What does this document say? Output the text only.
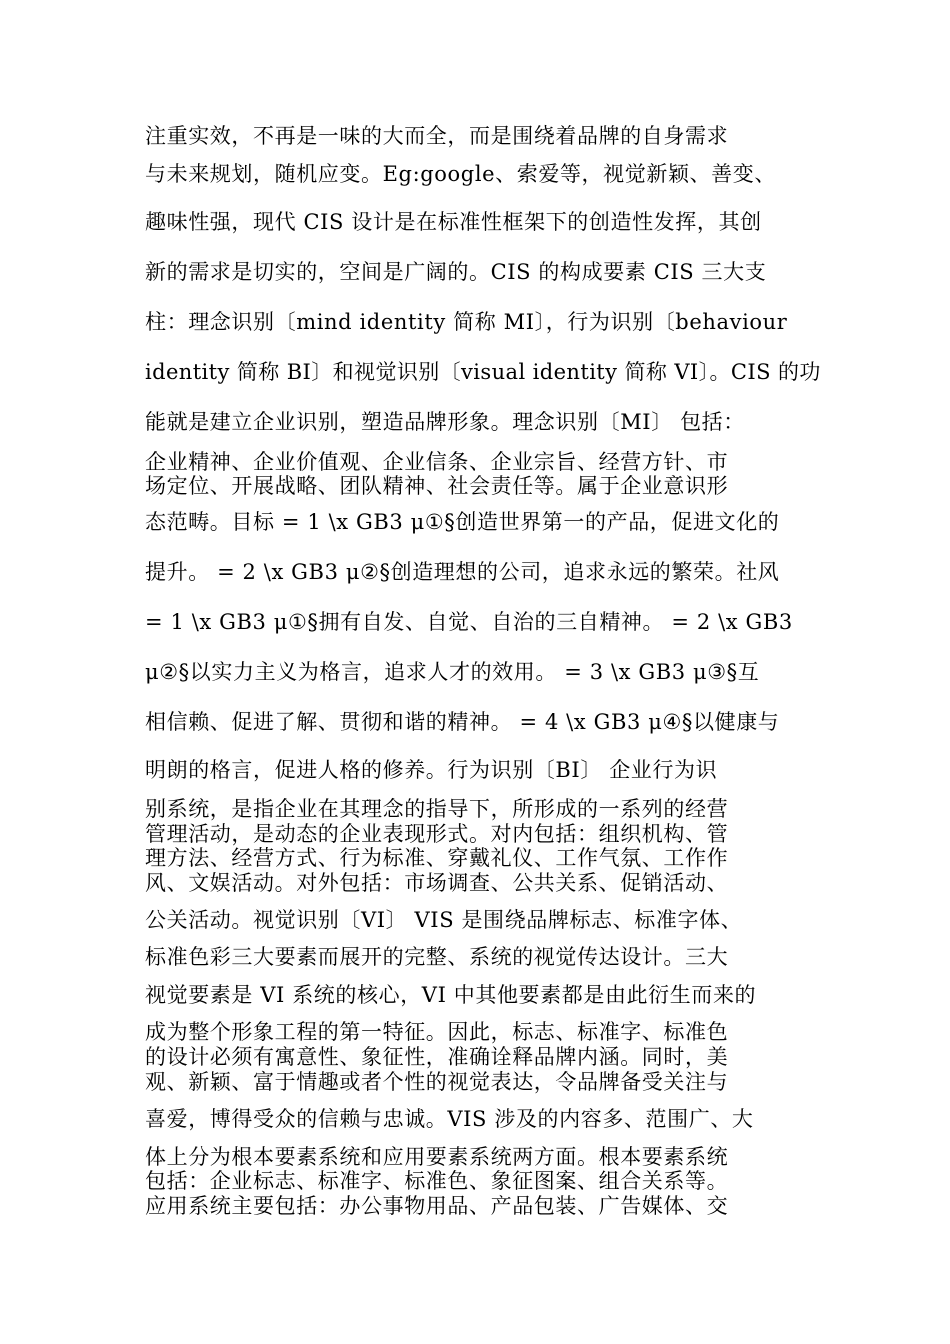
注重实效，不再是一味的大而全，而是围绕着品牌的自身需求
与未来规划，随机应变。Eg:google、索爱等，视觉新颖、善变、
趣味性强，现代 CIS 设计是在标准性框架下的创造性发挥，其创
新的需求是切实的，空间是广阔的。CIS 的构成要素 CIS 三大支
柱：理念识别〔mind identity 简称 MI〕，行为识别〔behaviour
identity 简称 BI〕和视觉识别〔visual identity 简称 VI〕。CIS 的功
能就是建立企业识别，塑造品牌形象。理念识别〔MI〕 包括：
企业精神、企业价值观、企业信条、企业宗旨、经营方针、市
场定位、开展战略、团队精神、社会责任等。属于企业意识形
态范畴。目标 = 1 \x GB3 μ①§创造世界第一的产品，促进文化的
提升。 = 2 \x GB3 μ②§创造理想的公司，追求永远的繁荣。社风
= 1 \x GB3 μ①§拥有自发、自觉、自治的三自精神。 = 2 \x GB3
μ②§以实力主义为格言，追求人才的效用。 = 3 \x GB3 μ③§互
相信赖、促进了解、贯彻和谐的精神。 = 4 \x GB3 μ④§以健康与
明朗的格言，促进人格的修养。行为识别〔BI〕 企业行为识
别系统，是指企业在其理念的指导下，所形成的一系列的经营
管理活动，是动态的企业表现形式。对内包括：组织机构、管
理方法、经营方式、行为标准、穿戴礼仪、工作气氛、工作作
风、文娱活动。对外包括：市场调查、公共关系、促销活动、
公关活动。视觉识别〔VI〕 VIS 是围绕品牌标志、标准字体、
标准色彩三大要素而展开的完整、系统的视觉传达设计。三大
视觉要素是 VI 系统的核心，VI 中其他要素都是由此衍生而来的
成为整个形象工程的第一特征。因此，标志、标准字、标准色
的设计必须有寓意性、象征性，准确诠释品牌内涵。同时，美
观、新颖、富于情趣或者个性的视觉表达，令品牌备受关注与
喜爱，博得受众的信赖与忠诚。VIS 涉及的内容多、范围广、大
体上分为根本要素系统和应用要素系统两方面。根本要素系统
包括：企业标志、标准字、标准色、象征图案、组合关系等。
应用系统主要包括：办公事物用品、产品包装、广告媒体、交
